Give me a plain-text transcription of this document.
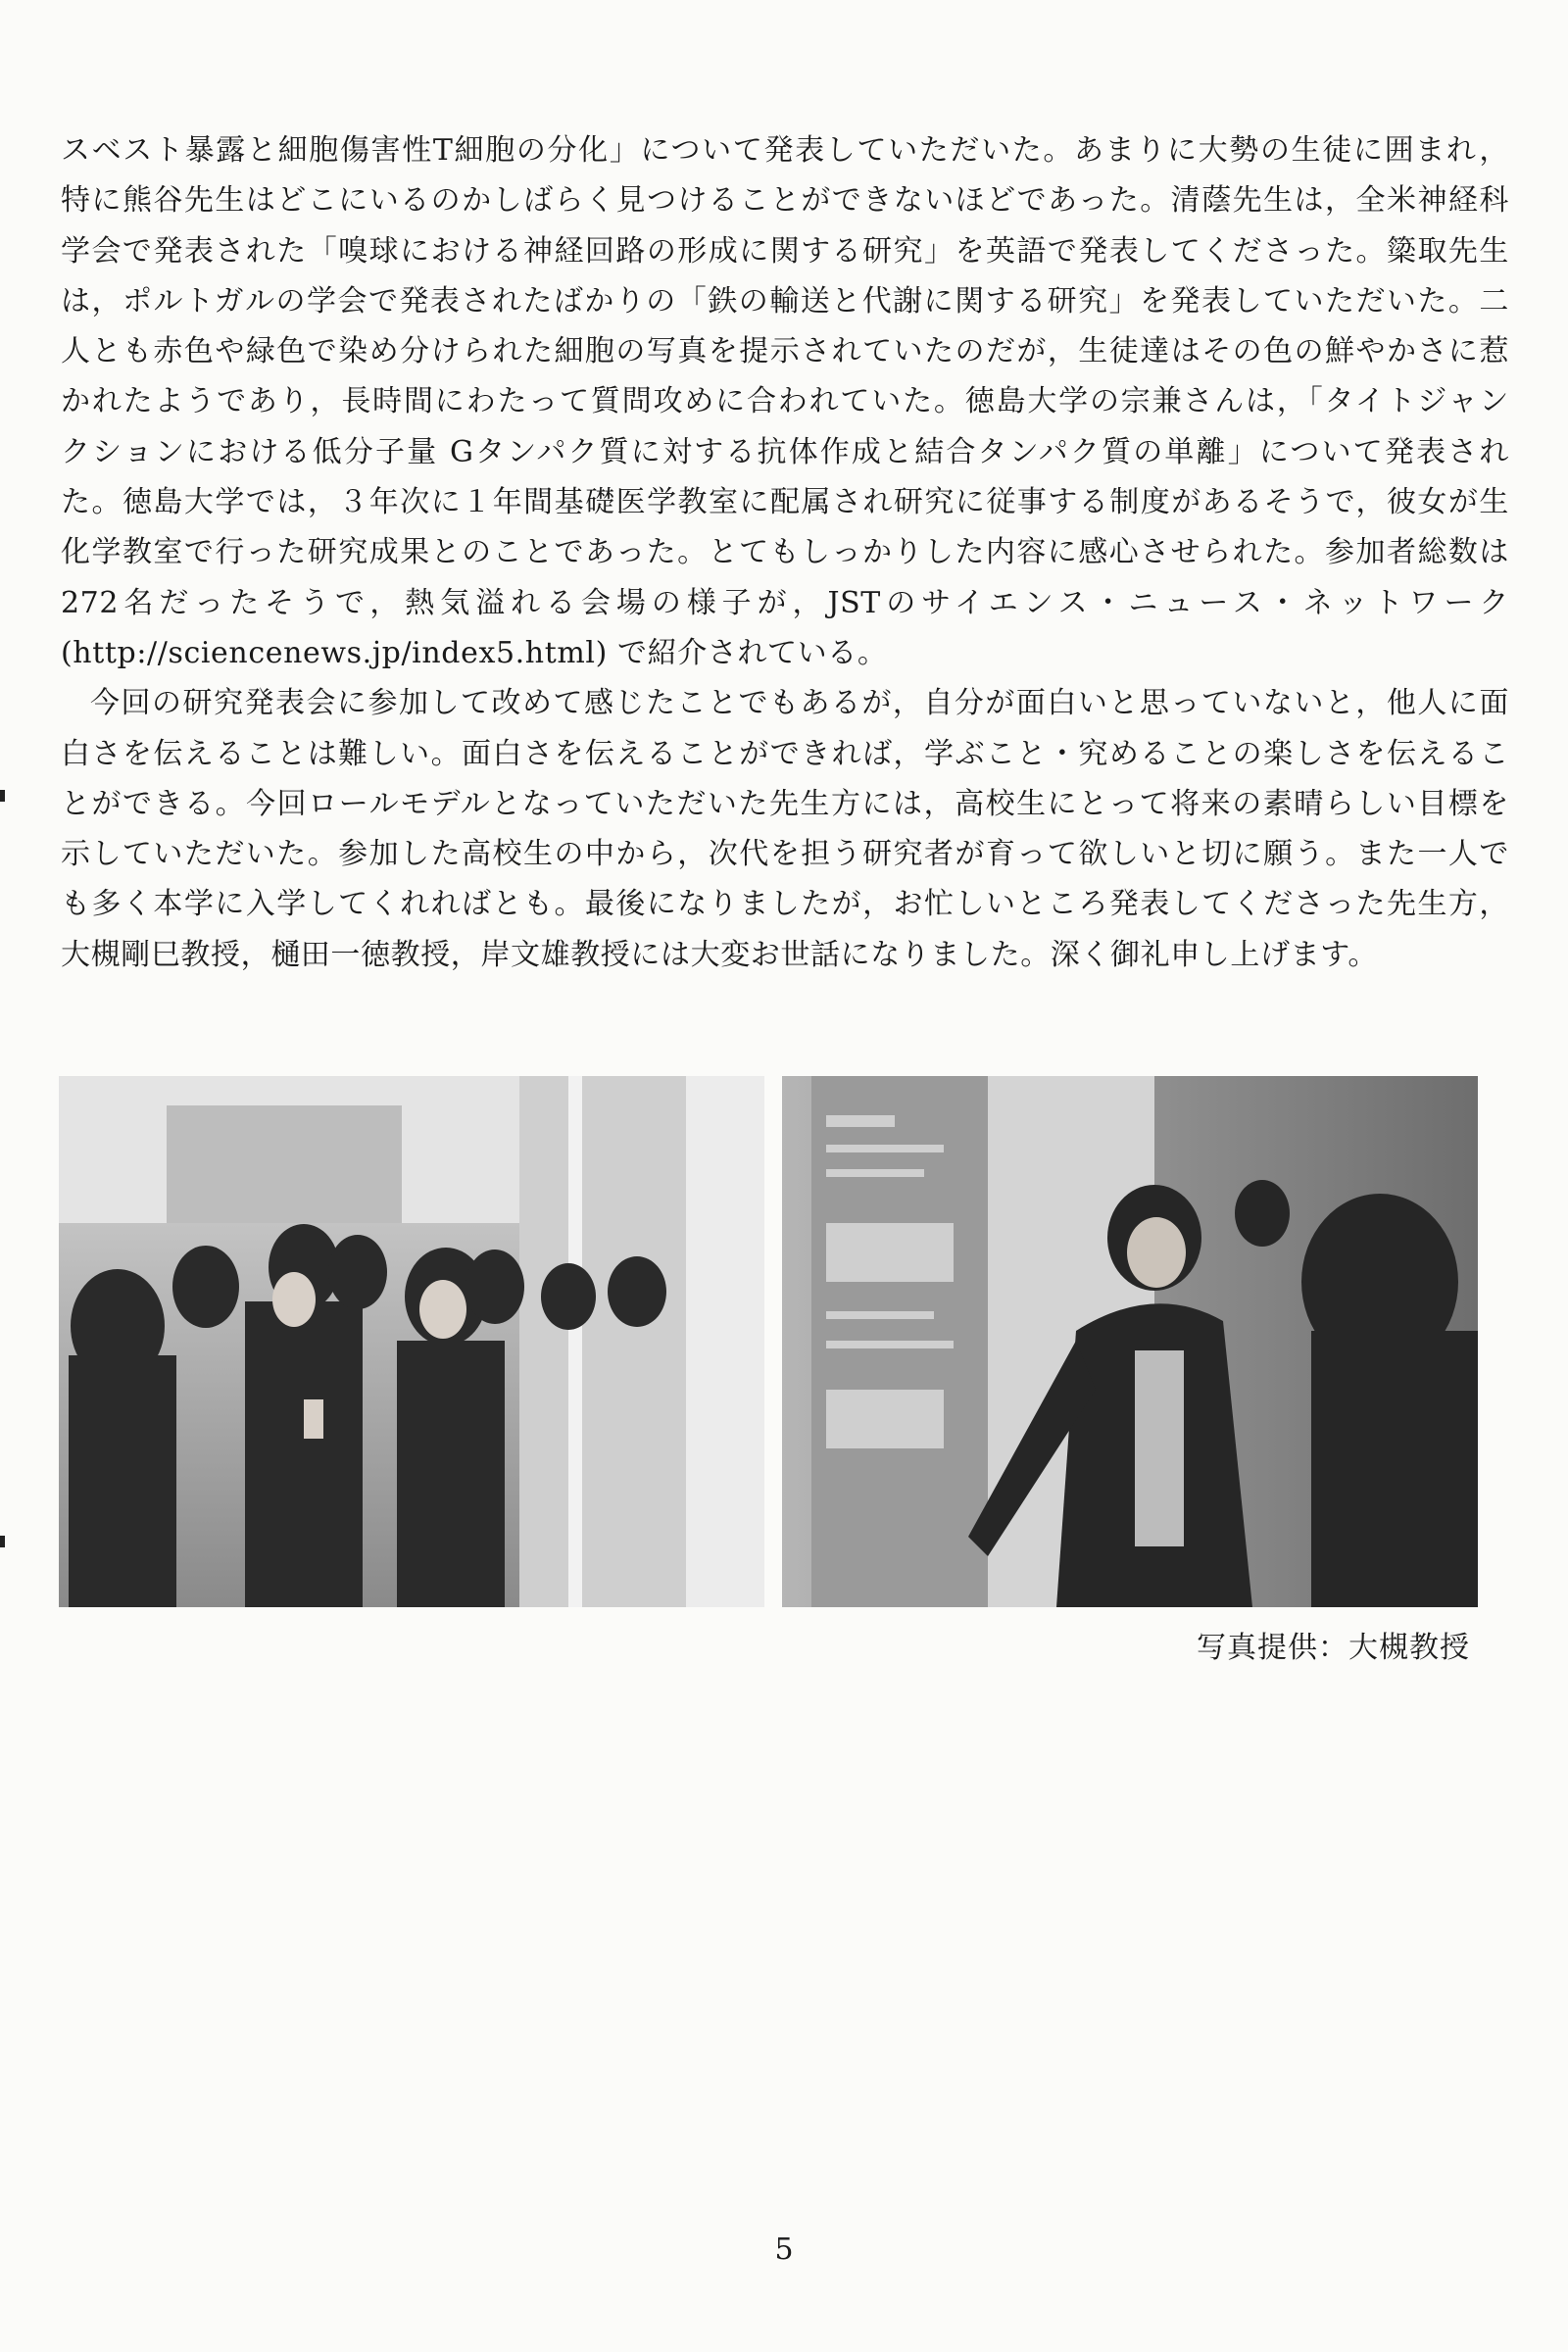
スベスト暴露と細胞傷害性T細胞の分化」について発表していただいた。あまりに大勢の生徒に囲まれ，
特に熊谷先生はどこにいるのかしばらく見つけることができないほどであった。清蔭先生は，全米神経科
学会で発表された「嗅球における神経回路の形成に関する研究」を英語で発表してくださった。簗取先生
は，ポルトガルの学会で発表されたばかりの「鉄の輸送と代謝に関する研究」を発表していただいた。二
人とも赤色や緑色で染め分けられた細胞の写真を提示されていたのだが，生徒達はその色の鮮やかさに惹
かれたようであり，長時間にわたって質問攻めに合われていた。徳島大学の宗兼さんは，「タイトジャン
クションにおける低分子量 Gタンパク質に対する抗体作成と結合タンパク質の単離」について発表され
た。徳島大学では，３年次に１年間基礎医学教室に配属され研究に従事する制度があるそうで，彼女が生
化学教室で行った研究成果とのことであった。とてもしっかりした内容に感心させられた。参加者総数は
272名だったそうで，熱気溢れる会場の様子が，JSTのサイエンス・ニュース・ネットワーク
(http://sciencenews.jp/index5.html) で紹介されている。
今回の研究発表会に参加して改めて感じたことでもあるが，自分が面白いと思っていないと，他人に面
白さを伝えることは難しい。面白さを伝えることができれば，学ぶこと・究めることの楽しさを伝えるこ
とができる。今回ロールモデルとなっていただいた先生方には，高校生にとって将来の素晴らしい目標を
示していただいた。参加した高校生の中から，次代を担う研究者が育って欲しいと切に願う。また一人で
も多く本学に入学してくれればとも。最後になりましたが，お忙しいところ発表してくださった先生方，
大槻剛巳教授，樋田一徳教授，岸文雄教授には大変お世話になりました。深く御礼申し上げます。
写真提供：大槻教授
5
